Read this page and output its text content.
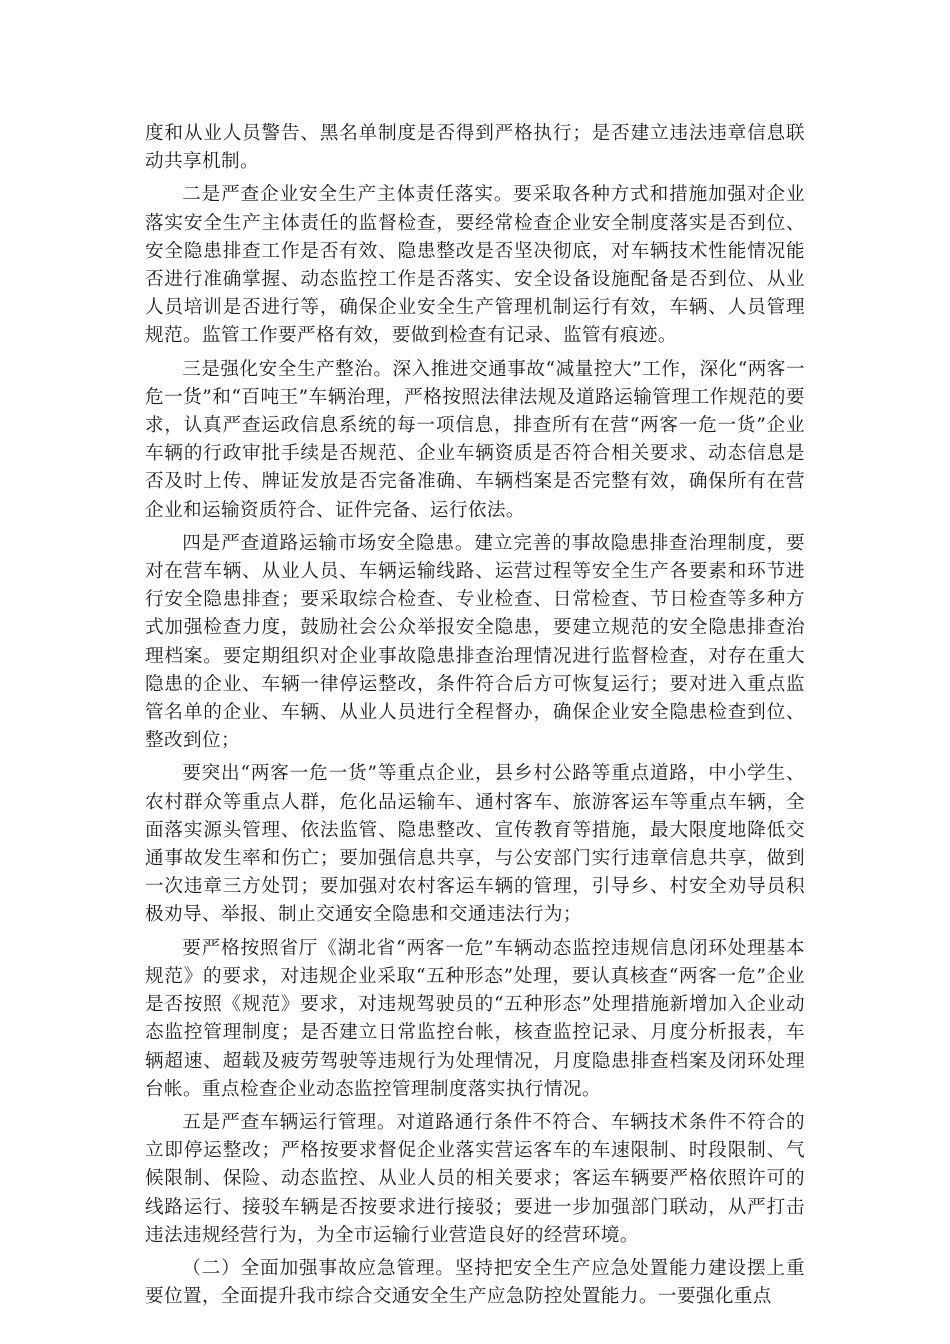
度和从业人员警告、黑名单制度是否得到严格执行；是否建立违法违章信息联动共享机制。

二是严查企业安全生产主体责任落实。要采取各种方式和措施加强对企业落实安全生产主体责任的监督检查，要经常检查企业安全制度落实是否到位、安全隐患排查工作是否有效、隐患整改是否坚决彻底，对车辆技术性能情况能否进行准确掌握、动态监控工作是否落实、安全设备设施配备是否到位、从业人员培训是否进行等，确保企业安全生产管理机制运行有效，车辆、人员管理规范。监管工作要严格有效，要做到检查有记录、监管有痕迹。

三是强化安全生产整治。深入推进交通事故“减量控大”工作，深化“两客一危一货”和“百吨王”车辆治理，严格按照法律法规及道路运输管理工作规范的要求，认真严查运政信息系统的每一项信息，排查所有在营“两客一危一货”企业车辆的行政审批手续是否规范、企业车辆资质是否符合相关要求、动态信息是否及时上传、牌证发放是否完备准确、车辆档案是否完整有效，确保所有在营企业和运输资质符合、证件完备、运行依法。

四是严查道路运输市场安全隐患。建立完善的事故隐患排查治理制度，要对在营车辆、从业人员、车辆运输线路、运营过程等安全生产各要素和环节进行安全隐患排查；要采取综合检查、专业检查、日常检查、节日检查等多种方式加强检查力度，鼓励社会公众举报安全隐患，要建立规范的安全隐患排查治理档案。要定期组织对企业事故隐患排查治理情况进行监督检查，对存在重大隐患的企业、车辆一律停运整改，条件符合后方可恢复运行；要对进入重点监管名单的企业、车辆、从业人员进行全程督办，确保企业安全隐患检查到位、整改到位；

要突出“两客一危一货”等重点企业，县乡村公路等重点道路，中小学生、农村群众等重点人群，危化品运输车、通村客车、旅游客运车等重点车辆，全面落实源头管理、依法监管、隐患整改、宣传教育等措施，最大限度地降低交通事故发生率和伤亡；要加强信息共享，与公安部门实行违章信息共享，做到一次违章三方处罚；要加强对农村客运车辆的管理，引导乡、村安全劝导员积极劝导、举报、制止交通安全隐患和交通违法行为；

要严格按照省厅《湖北省“两客一危”车辆动态监控违规信息闭环处理基本规范》的要求，对违规企业采取“五种形态”处理，要认真核查“两客一危”企业是否按照《规范》要求，对违规驾驶员的“五种形态”处理措施新增加入企业动态监控管理制度；是否建立日常监控台帐，核查监控记录、月度分析报表，车辆超速、超载及疲劳驾驶等违规行为处理情况，月度隐患排查档案及闭环处理台帐。重点检查企业动态监控管理制度落实执行情况。

五是严查车辆运行管理。对道路通行条件不符合、车辆技术条件不符合的立即停运整改；严格按要求督促企业落实营运客车的车速限制、时段限制、气候限制、保险、动态监控、从业人员的相关要求；客运车辆要严格依照许可的线路运行、接驳车辆是否按要求进行接驳；要进一步加强部门联动，从严打击违法违规经营行为，为全市运输行业营造良好的经营环境。

（二）全面加强事故应急管理。坚持把安全生产应急处置能力建设摆上重要位置，全面提升我市综合交通安全生产应急防控处置能力。一要强化重点
